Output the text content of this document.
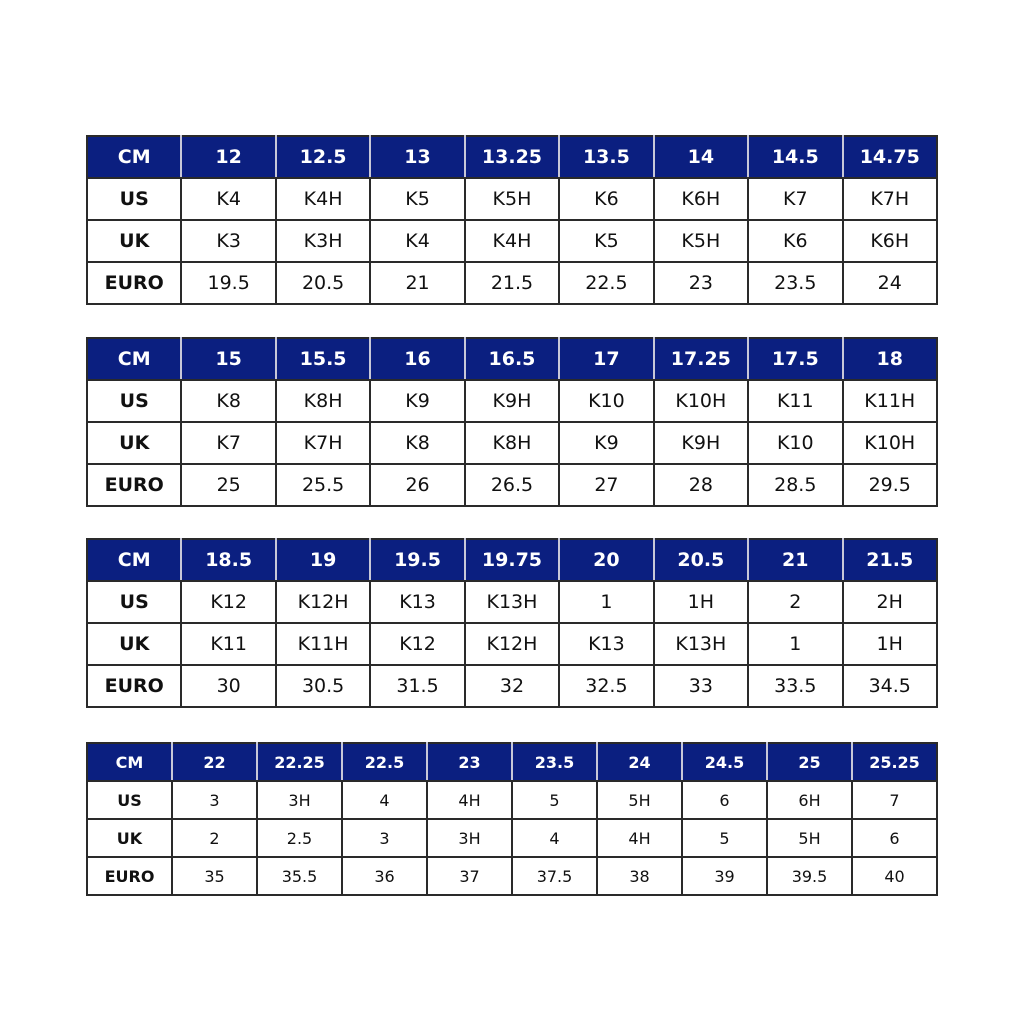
CM	12	12.5	13	13.25	13.5	14	14.5	14.75
US	K4	K4H	K5	K5H	K6	K6H	K7	K7H
UK	K3	K3H	K4	K4H	K5	K5H	K6	K6H
EURO	19.5	20.5	21	21.5	22.5	23	23.5	24
CM	15	15.5	16	16.5	17	17.25	17.5	18
US	K8	K8H	K9	K9H	K10	K10H	K11	K11H
UK	K7	K7H	K8	K8H	K9	K9H	K10	K10H
EURO	25	25.5	26	26.5	27	28	28.5	29.5
CM	18.5	19	19.5	19.75	20	20.5	21	21.5
US	K12	K12H	K13	K13H	1	1H	2	2H
UK	K11	K11H	K12	K12H	K13	K13H	1	1H
EURO	30	30.5	31.5	32	32.5	33	33.5	34.5
CM	22	22.25	22.5	23	23.5	24	24.5	25	25.25
US	3	3H	4	4H	5	5H	6	6H	7
UK	2	2.5	3	3H	4	4H	5	5H	6
EURO	35	35.5	36	37	37.5	38	39	39.5	40
